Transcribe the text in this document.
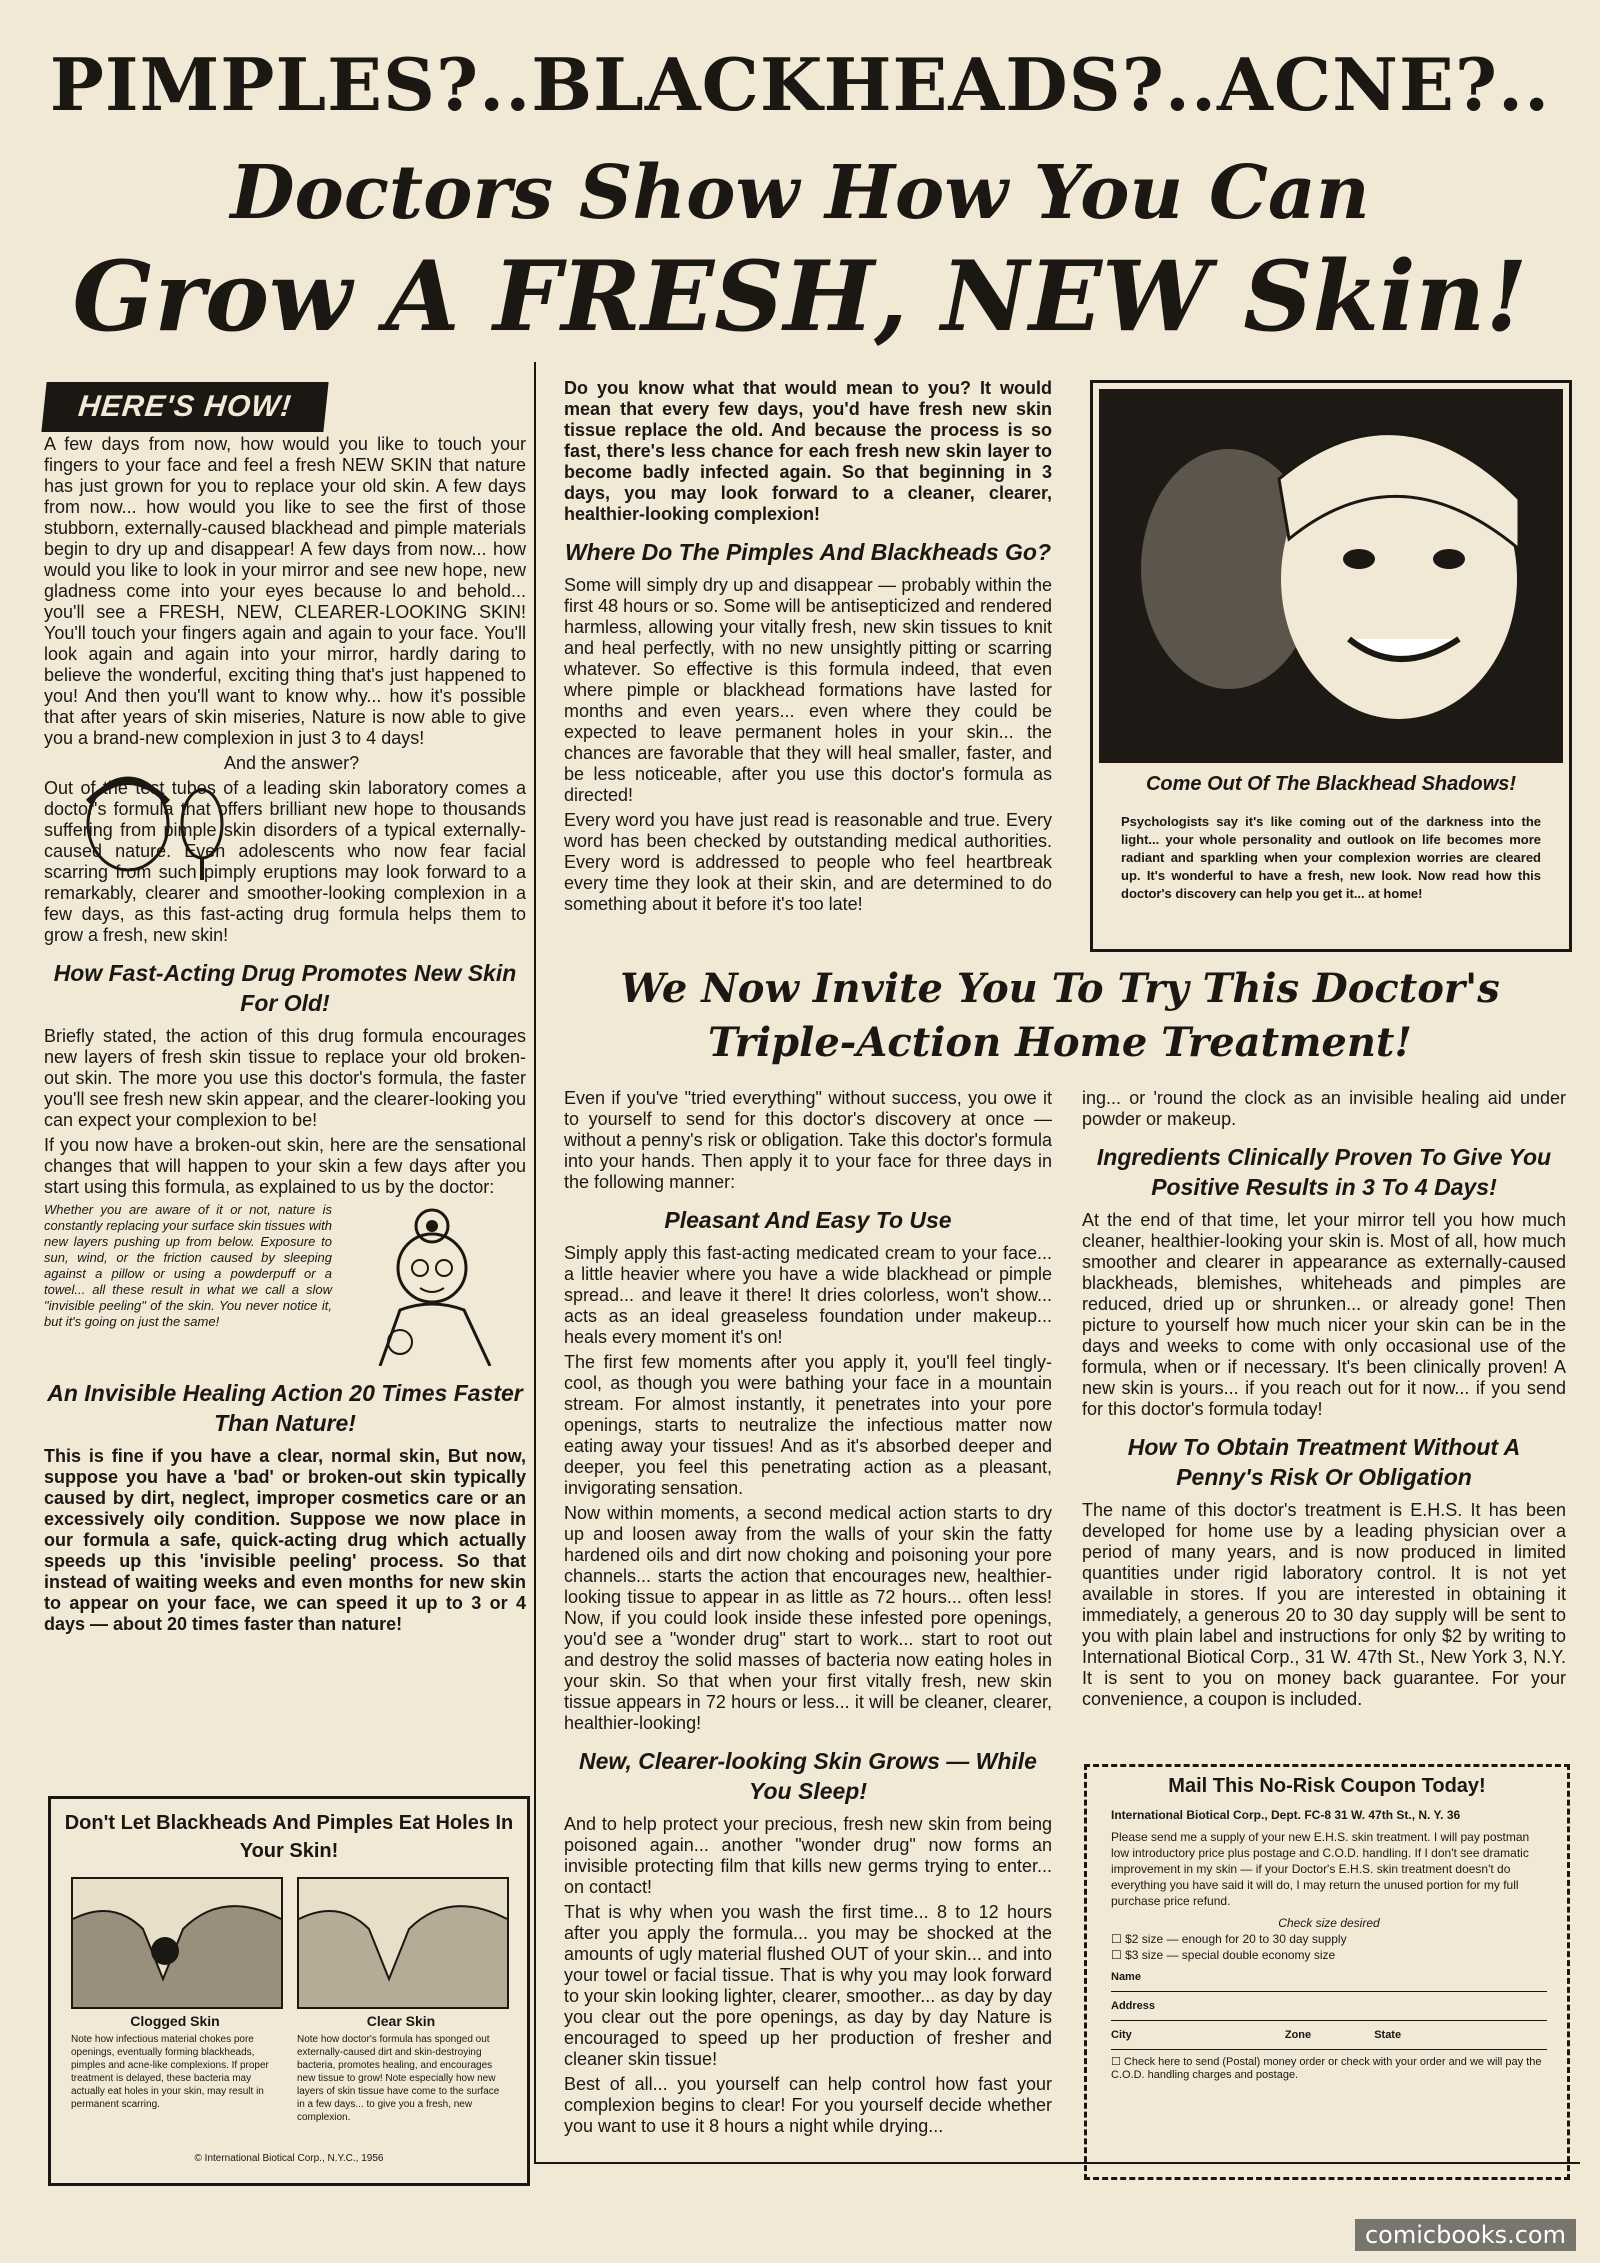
PIMPLES?..BLACKHEADS?..ACNE?..
Doctors Show How You Can
Grow A FRESH, NEW Skin!
HERE'S HOW!

A few days from now, how would you like to touch your fingers to your face and feel a fresh NEW SKIN that nature has just grown for you to replace your old skin. A few days from now... how would you like to see the first of those stubborn, externally-caused blackhead and pimple materials begin to dry up and disappear! A few days from now... how would you like to look in your mirror and see new hope, new gladness come into your eyes because lo and behold... you'll see a FRESH, NEW, CLEARER-LOOKING SKIN! You'll touch your fingers again and again to your face. You'll look again and again into your mirror, hardly daring to believe the wonderful, exciting thing that's just happened to you! And then you'll want to know why... how it's possible that after years of skin miseries, Nature is now able to give you a brand-new complexion in just 3 to 4 days!

And the answer?

Out of the test tubes of a leading skin laboratory comes a doctor's formula that offers brilliant new hope to thousands suffering from pimple skin disorders of a typical externally-caused nature. Even adolescents who now fear facial scarring from such pimply eruptions may look forward to a remarkably, clearer and smoother-looking complexion in a few days, as this fast-acting drug formula helps them to grow a fresh, new skin!

How Fast-Acting Drug Promotes New Skin For Old!

Briefly stated, the action of this drug formula encourages new layers of fresh skin tissue to replace your old broken-out skin. The more you use this doctor's formula, the faster you'll see fresh new skin appear, and the clearer-looking you can expect your complexion to be!

If you now have a broken-out skin, here are the sensational changes that will happen to your skin a few days after you start using this formula, as explained to us by the doctor:

Whether you are aware of it or not, nature is constantly replacing your surface skin tissues with new layers pushing up from below. Exposure to sun, wind, or the friction caused by sleeping against a pillow or using a powderpuff or a towel... all these result in what we call a slow "invisible peeling" of the skin. You never notice it, but it's going on just the same!

An Invisible Healing Action 20 Times Faster Than Nature!

This is fine if you have a clear, normal skin, But now, suppose you have a 'bad' or broken-out skin typically caused by dirt, neglect, improper cosmetics care or an excessively oily condition. Suppose we now place in our formula a safe, quick-acting drug which actually speeds up this 'invisible peeling' process. So that instead of waiting weeks and even months for new skin to appear on your face, we can speed it up to 3 or 4 days — about 20 times faster than nature!

Don't Let Blackheads And Pimples Eat Holes In Your Skin!
Clogged Skin	Clear Skin
Note how infectious material chokes pore openings, eventually forming blackheads, pimples and acne-like complexions. If proper treatment is delayed, these bacteria may actually eat holes in your skin, may result in permanent scarring.
Note how doctor's formula has sponged out externally-caused dirt and skin-destroying bacteria, promotes healing, and encourages new tissue to grow! Note especially how new layers of skin tissue have come to the surface in a few days... to give you a fresh, new complexion.
© International Biotical Corp., N.Y.C., 1956

Do you know what that would mean to you? It would mean that every few days, you'd have fresh new skin tissue replace the old. And because the process is so fast, there's less chance for each fresh new skin layer to become badly infected again. So that beginning in 3 days, you may look forward to a cleaner, clearer, healthier-looking complexion!

Where Do The Pimples And Blackheads Go?

Some will simply dry up and disappear — probably within the first 48 hours or so. Some will be antisepticized and rendered harmless, allowing your vitally fresh, new skin tissues to knit and heal perfectly, with no new unsightly pitting or scarring whatever. So effective is this formula indeed, that even where pimple or blackhead formations have lasted for months and even years... even where they could be expected to leave permanent holes in your skin... the chances are favorable that they will heal smaller, faster, and be less noticeable, after you use this doctor's formula as directed!

Every word you have just read is reasonable and true. Every word has been checked by outstanding medical authorities. Every word is addressed to people who feel heartbreak every time they look at their skin, and are determined to do something about it before it's too late!

Come Out Of The Blackhead Shadows!
Psychologists say it's like coming out of the darkness into the light... your whole personality and outlook on life becomes more radiant and sparkling when your complexion worries are cleared up. It's wonderful to have a fresh, new look. Now read how this doctor's discovery can help you get it... at home!
We Now Invite You To Try This Doctor's Triple-Action Home Treatment!

Even if you've "tried everything" without success, you owe it to yourself to send for this doctor's discovery at once — without a penny's risk or obligation. Take this doctor's formula into your hands. Then apply it to your face for three days in the following manner:

Pleasant And Easy To Use

Simply apply this fast-acting medicated cream to your face... a little heavier where you have a wide blackhead or pimple spread... and leave it there! It dries colorless, won't show... acts as an ideal greaseless foundation under makeup... heals every moment it's on!

The first few moments after you apply it, you'll feel tingly-cool, as though you were bathing your face in a mountain stream. For almost instantly, it penetrates into your pore openings, starts to neutralize the infectious matter now eating away your tissues! And as it's absorbed deeper and deeper, you feel this penetrating action as a pleasant, invigorating sensation.

Now within moments, a second medical action starts to dry up and loosen away from the walls of your skin the fatty hardened oils and dirt now choking and poisoning your pore channels... starts the action that encourages new, healthier-looking tissue to appear in as little as 72 hours... often less! Now, if you could look inside these infested pore openings, you'd see a "wonder drug" start to work... start to root out and destroy the solid masses of bacteria now eating holes in your skin. So that when your first vitally fresh, new skin tissue appears in 72 hours or less... it will be cleaner, clearer, healthier-looking!

New, Clearer-looking Skin Grows — While You Sleep!

And to help protect your precious, fresh new skin from being poisoned again... another "wonder drug" now forms an invisible protecting film that kills new germs trying to enter... on contact!

That is why when you wash the first time... 8 to 12 hours after you apply the formula... you may be shocked at the amounts of ugly material flushed OUT of your skin... and into your towel or facial tissue. That is why you may look forward to your skin looking lighter, clearer, smoother... as day by day you clear out the pore openings, as day by day Nature is encouraged to speed up her production of fresher and cleaner skin tissue!

Best of all... you yourself can help control how fast your complexion begins to clear! For you yourself decide whether you want to use it 8 hours a night while drying...

ing... or 'round the clock as an invisible healing aid under powder or makeup.

Ingredients Clinically Proven To Give You Positive Results in 3 To 4 Days!

At the end of that time, let your mirror tell you how much cleaner, healthier-looking your skin is. Most of all, how much smoother and clearer in appearance as externally-caused blackheads, blemishes, whiteheads and pimples are reduced, dried up or shrunken... or already gone! Then picture to yourself how much nicer your skin can be in the days and weeks to come with only occasional use of the formula, when or if necessary. It's been clinically proven! A new skin is yours... if you reach out for it now... if you send for this doctor's formula today!

How To Obtain Treatment Without A Penny's Risk Or Obligation

The name of this doctor's treatment is E.H.S. It has been developed for home use by a leading physician over a period of many years, and is now produced in limited quantities under rigid laboratory control. It is not yet available in stores. If you are interested in obtaining it immediately, a generous 20 to 30 day supply will be sent to you with plain label and instructions for only $2 by writing to International Biotical Corp., 31 W. 47th St., New York 3, N.Y. It is sent to you on money back guarantee. For your convenience, a coupon is included.

Mail This No-Risk Coupon Today!
International Biotical Corp., Dept. FC-8 31 W. 47th St., N. Y. 36
Please send me a supply of your new E.H.S. skin treatment. I will pay postman low introductory price plus postage and C.O.D. handling. If I don't see dramatic improvement in my skin — if your Doctor's E.H.S. skin treatment doesn't do everything you have said it will do, I may return the unused portion for my full purchase price refund.
Check size desired
☐ $2 size — enough for 20 to 30 day supply
☐ $3 size — special double economy size
Name
Address
City	Zone	State
☐ Check here to send (Postal) money order or check with your order and we will pay the C.O.D. handling charges and postage.
comicbooks.com
